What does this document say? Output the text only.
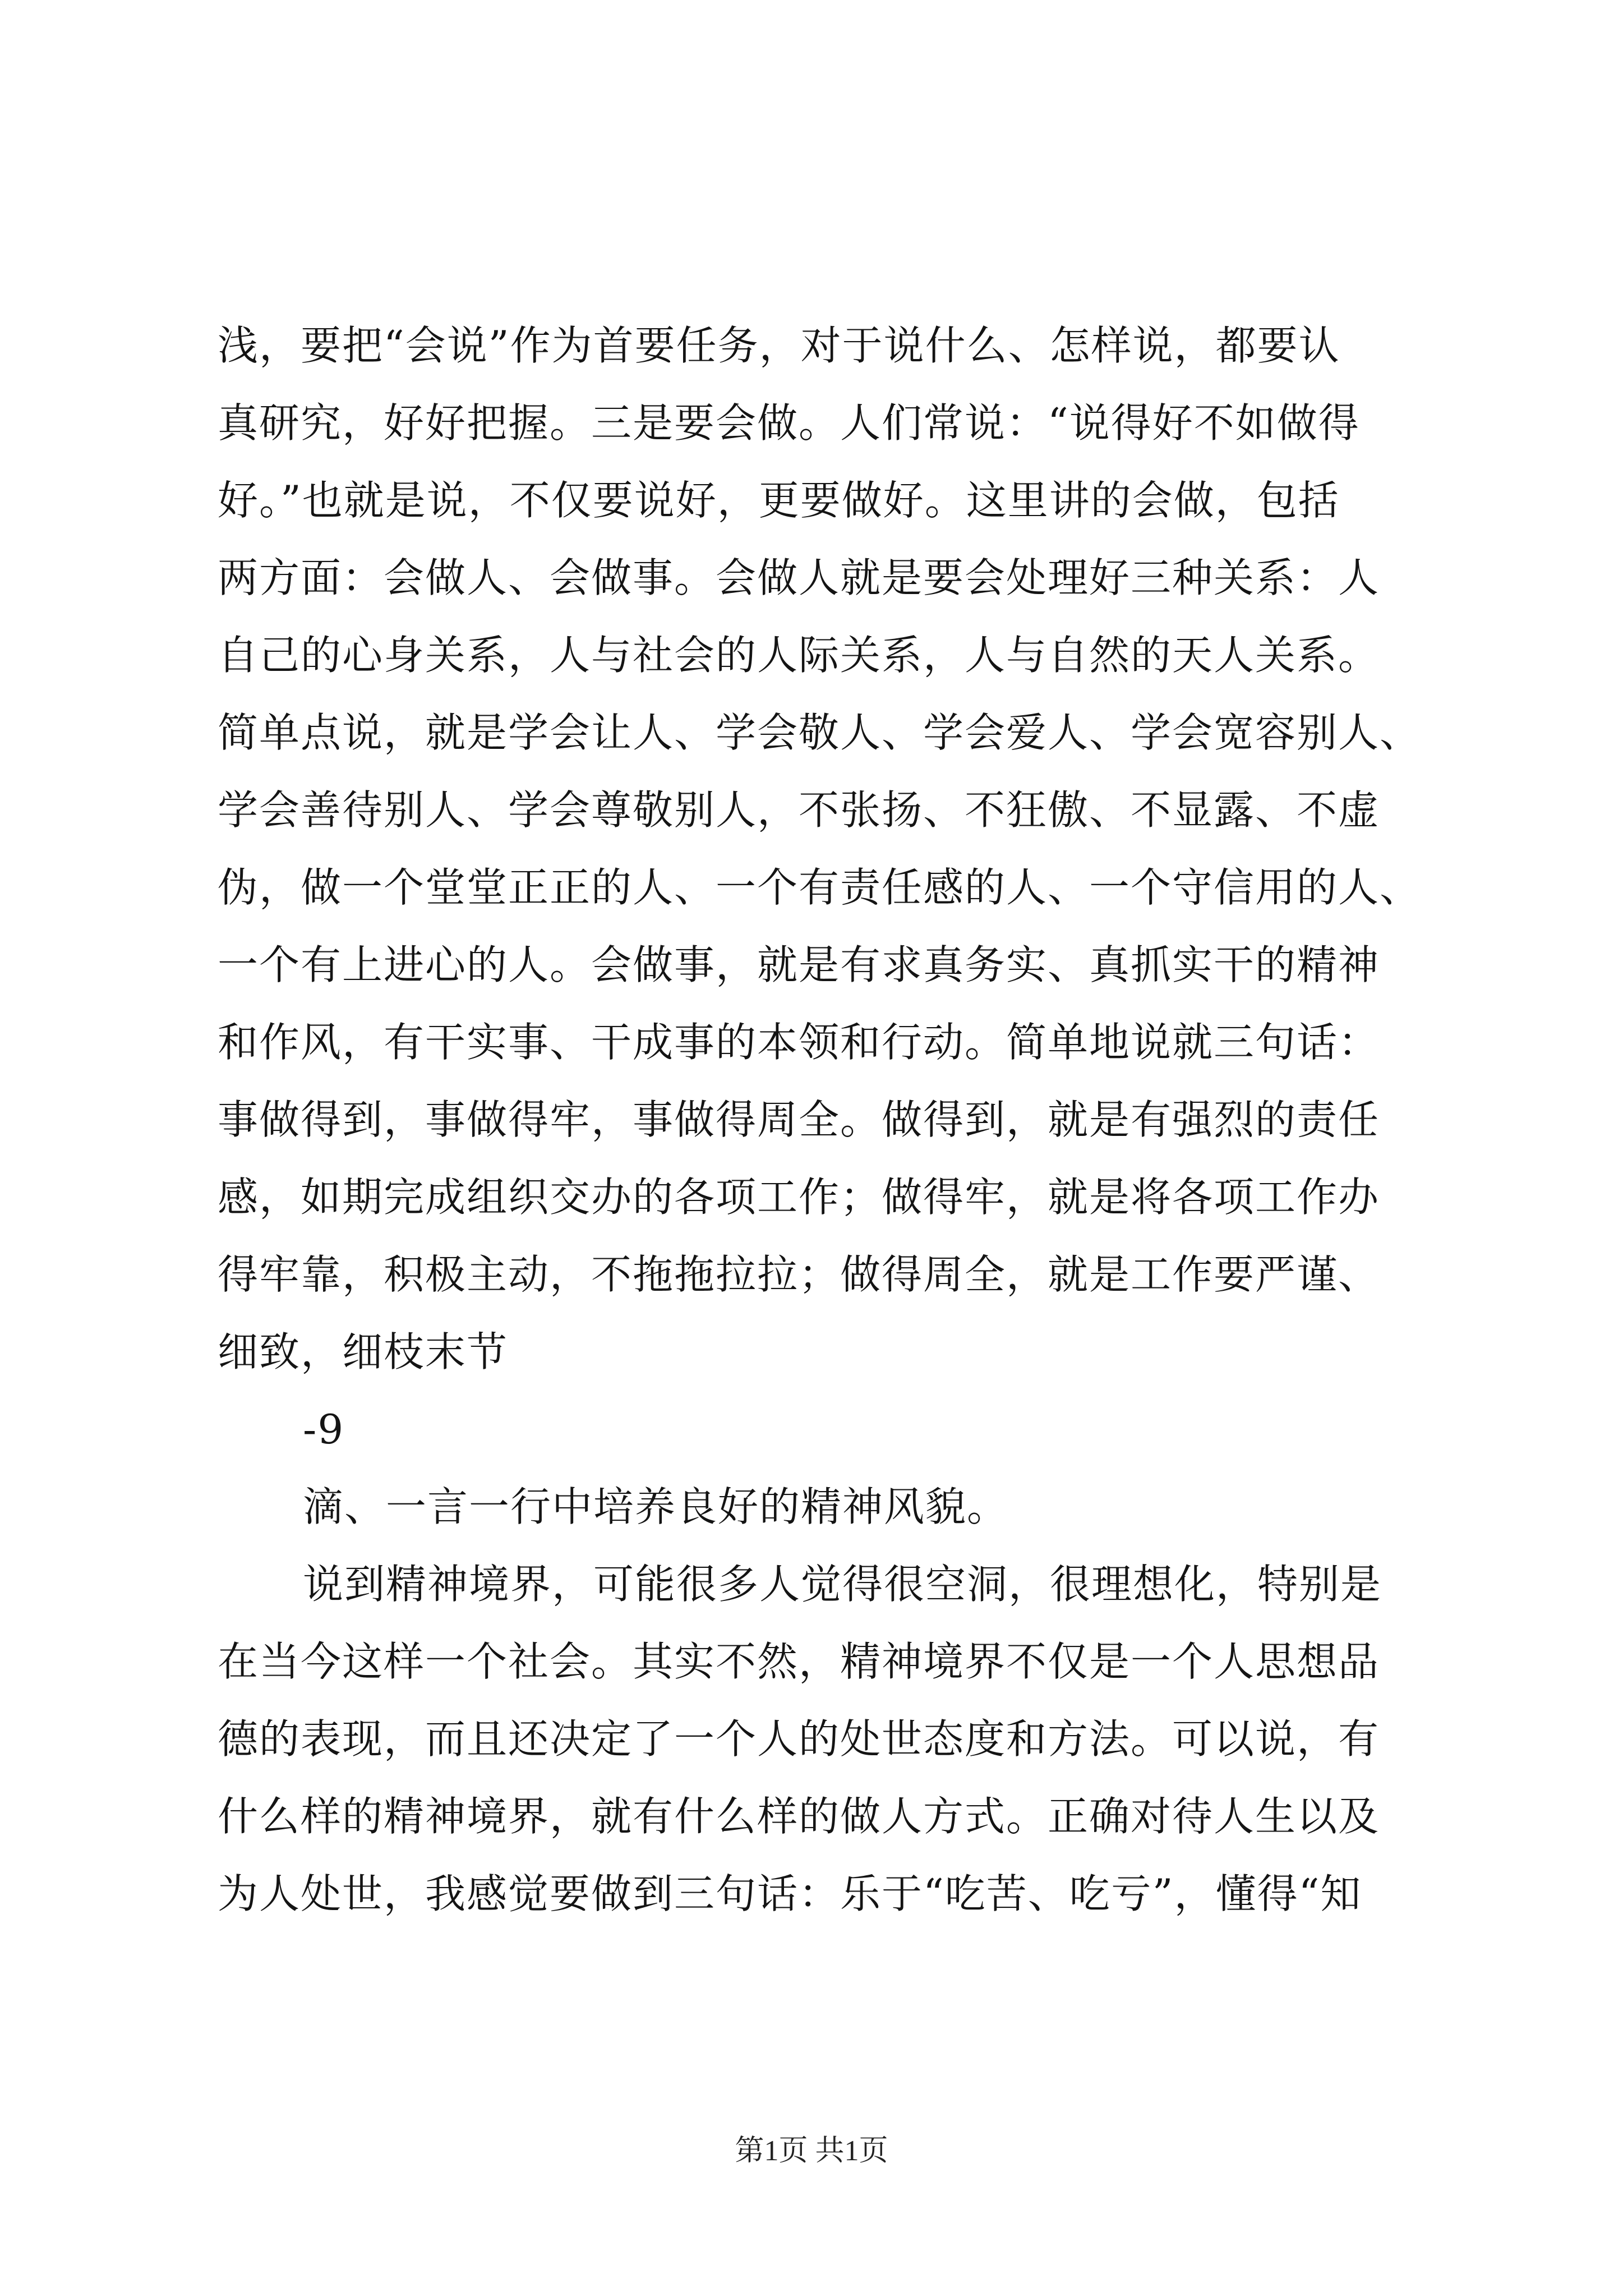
浅，要把“会说”作为首要任务，对于说什么、怎样说，都要认
真研究，好好把握。三是要会做。人们常说：“说得好不如做得
好。”也就是说，不仅要说好，更要做好。这里讲的会做，包括
两方面：会做人、会做事。会做人就是要会处理好三种关系：人
自己的心身关系，人与社会的人际关系，人与自然的天人关系。
简单点说，就是学会让人、学会敬人、学会爱人、学会宽容别人、
学会善待别人、学会尊敬别人，不张扬、不狂傲、不显露、不虚
伪，做一个堂堂正正的人、一个有责任感的人、一个守信用的人、
一个有上进心的人。会做事，就是有求真务实、真抓实干的精神
和作风，有干实事、干成事的本领和行动。简单地说就三句话：
事做得到，事做得牢，事做得周全。做得到，就是有强烈的责任
感，如期完成组织交办的各项工作；做得牢，就是将各项工作办
得牢靠，积极主动，不拖拖拉拉；做得周全，就是工作要严谨、
细致，细枝末节
-9
滴、一言一行中培养良好的精神风貌。
说到精神境界，可能很多人觉得很空洞，很理想化，特别是
在当今这样一个社会。其实不然，精神境界不仅是一个人思想品
德的表现，而且还决定了一个人的处世态度和方法。可以说，有
什么样的精神境界，就有什么样的做人方式。正确对待人生以及
为人处世，我感觉要做到三句话：乐于“吃苦、吃亏”，懂得“知
第1页 共1页
